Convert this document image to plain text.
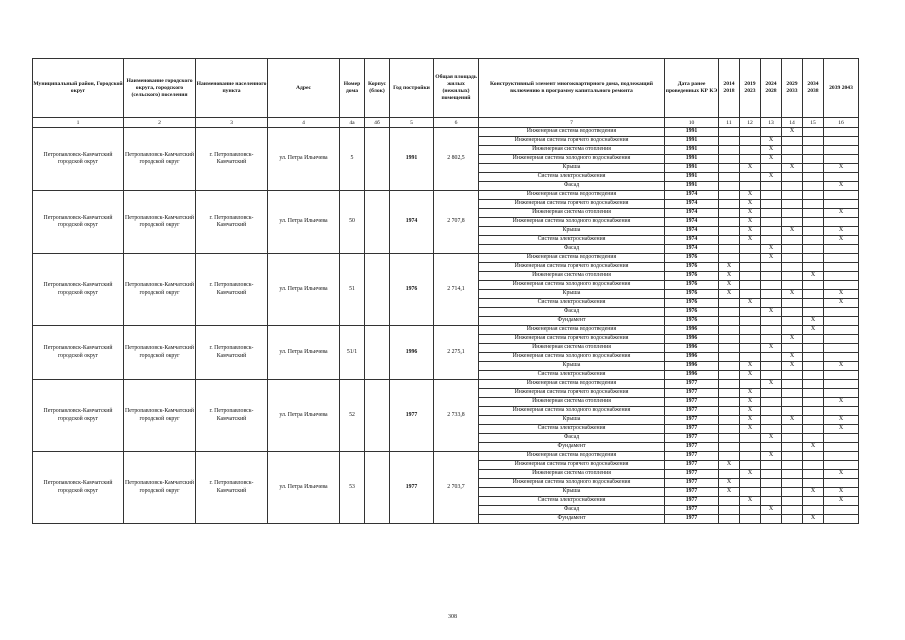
Муниципальный район, Городской округ	Наименование городского округа, городского (сельского) поселения	Наименование населенного пункта	Адрес	Номер дома	Корпус (блок)	Год постройки	Общая площадь жилых (нежилых) помещений	Конструктивный элемент многоквартирного дома, подлежащий включению в программу капитального ремонта	Дата ранее проведенных КР КЭ	2014 2018	2019 2023	2024 2028	2029 2033	2034 2038	2039 2043
1	2	3	4	4а	4б	5	6	7	10	11	12	13	14	15	16
Петропавловск-Камчатский городской округ	Петропавловск-Камчатский городской округ	г. Петропавловск-Камчатский	ул. Петра Ильичева	5		1991	2 802,5	Инженерная система водоотведения	1991				X		
								Инженерная система горячего водоснабжения	1991			X			
								Инженерная система отопления	1991			X			
								Инженерная система холодного водоснабжения	1991			X			
								Крыша	1991		X		X		X
								Система электроснабжения	1991			X			
								Фасад	1991						X
Петропавловск-Камчатский городской округ	Петропавловск-Камчатский городской округ	г. Петропавловск-Камчатский	ул. Петра Ильичева	50		1974	2 707,8	Инженерная система водоотведения	1974		X				
								Инженерная система горячего водоснабжения	1974		X				
								Инженерная система отопления	1974		X				X
								Инженерная система холодного водоснабжения	1974		X				
								Крыша	1974		X		X		X
								Система электроснабжения	1974		X				X
								Фасад	1974			X			
Петропавловск-Камчатский городской округ	Петропавловск-Камчатский городской округ	г. Петропавловск-Камчатский	ул. Петра Ильичева	51		1976	2 714,1	Инженерная система водоотведения	1976			X			
								Инженерная система горячего водоснабжения	1976	X					
								Инженерная система отопления	1976	X				X	
								Инженерная система холодного водоснабжения	1976	X					
								Крыша	1976	X			X		X
								Система электроснабжения	1976		X				X
								Фасад	1976			X			
								Фундамент	1976					X	
Петропавловск-Камчатский городской округ	Петропавловск-Камчатский городской округ	г. Петропавловск-Камчатский	ул. Петра Ильичева	51/1		1996	2 275,1	Инженерная система водоотведения	1996					X	
								Инженерная система горячего водоснабжения	1996				X		
								Инженерная система отопления	1996			X			
								Инженерная система холодного водоснабжения	1996				X		
								Крыша	1996		X		X		X
								Система электроснабжения	1996		X				
Петропавловск-Камчатский городской округ	Петропавловск-Камчатский городской округ	г. Петропавловск-Камчатский	ул. Петра Ильичева	52		1977	2 733,8	Инженерная система водоотведения	1977			X			
								Инженерная система горячего водоснабжения	1977		X				
								Инженерная система отопления	1977		X				X
								Инженерная система холодного водоснабжения	1977		X				
								Крыша	1977		X		X		X
								Система электроснабжения	1977		X				X
								Фасад	1977			X			
								Фундамент	1977					X	
Петропавловск-Камчатский городской округ	Петропавловск-Камчатский городской округ	г. Петропавловск-Камчатский	ул. Петра Ильичева	53		1977	2 703,7	Инженерная система водоотведения	1977			X			
								Инженерная система горячего водоснабжения	1977	X					
								Инженерная система отопления	1977		X				X
								Инженерная система холодного водоснабжения	1977	X					
								Крыша	1977	X				X	X
								Система электроснабжения	1977		X				X
								Фасад	1977			X			
								Фундамент	1977					X	
308
